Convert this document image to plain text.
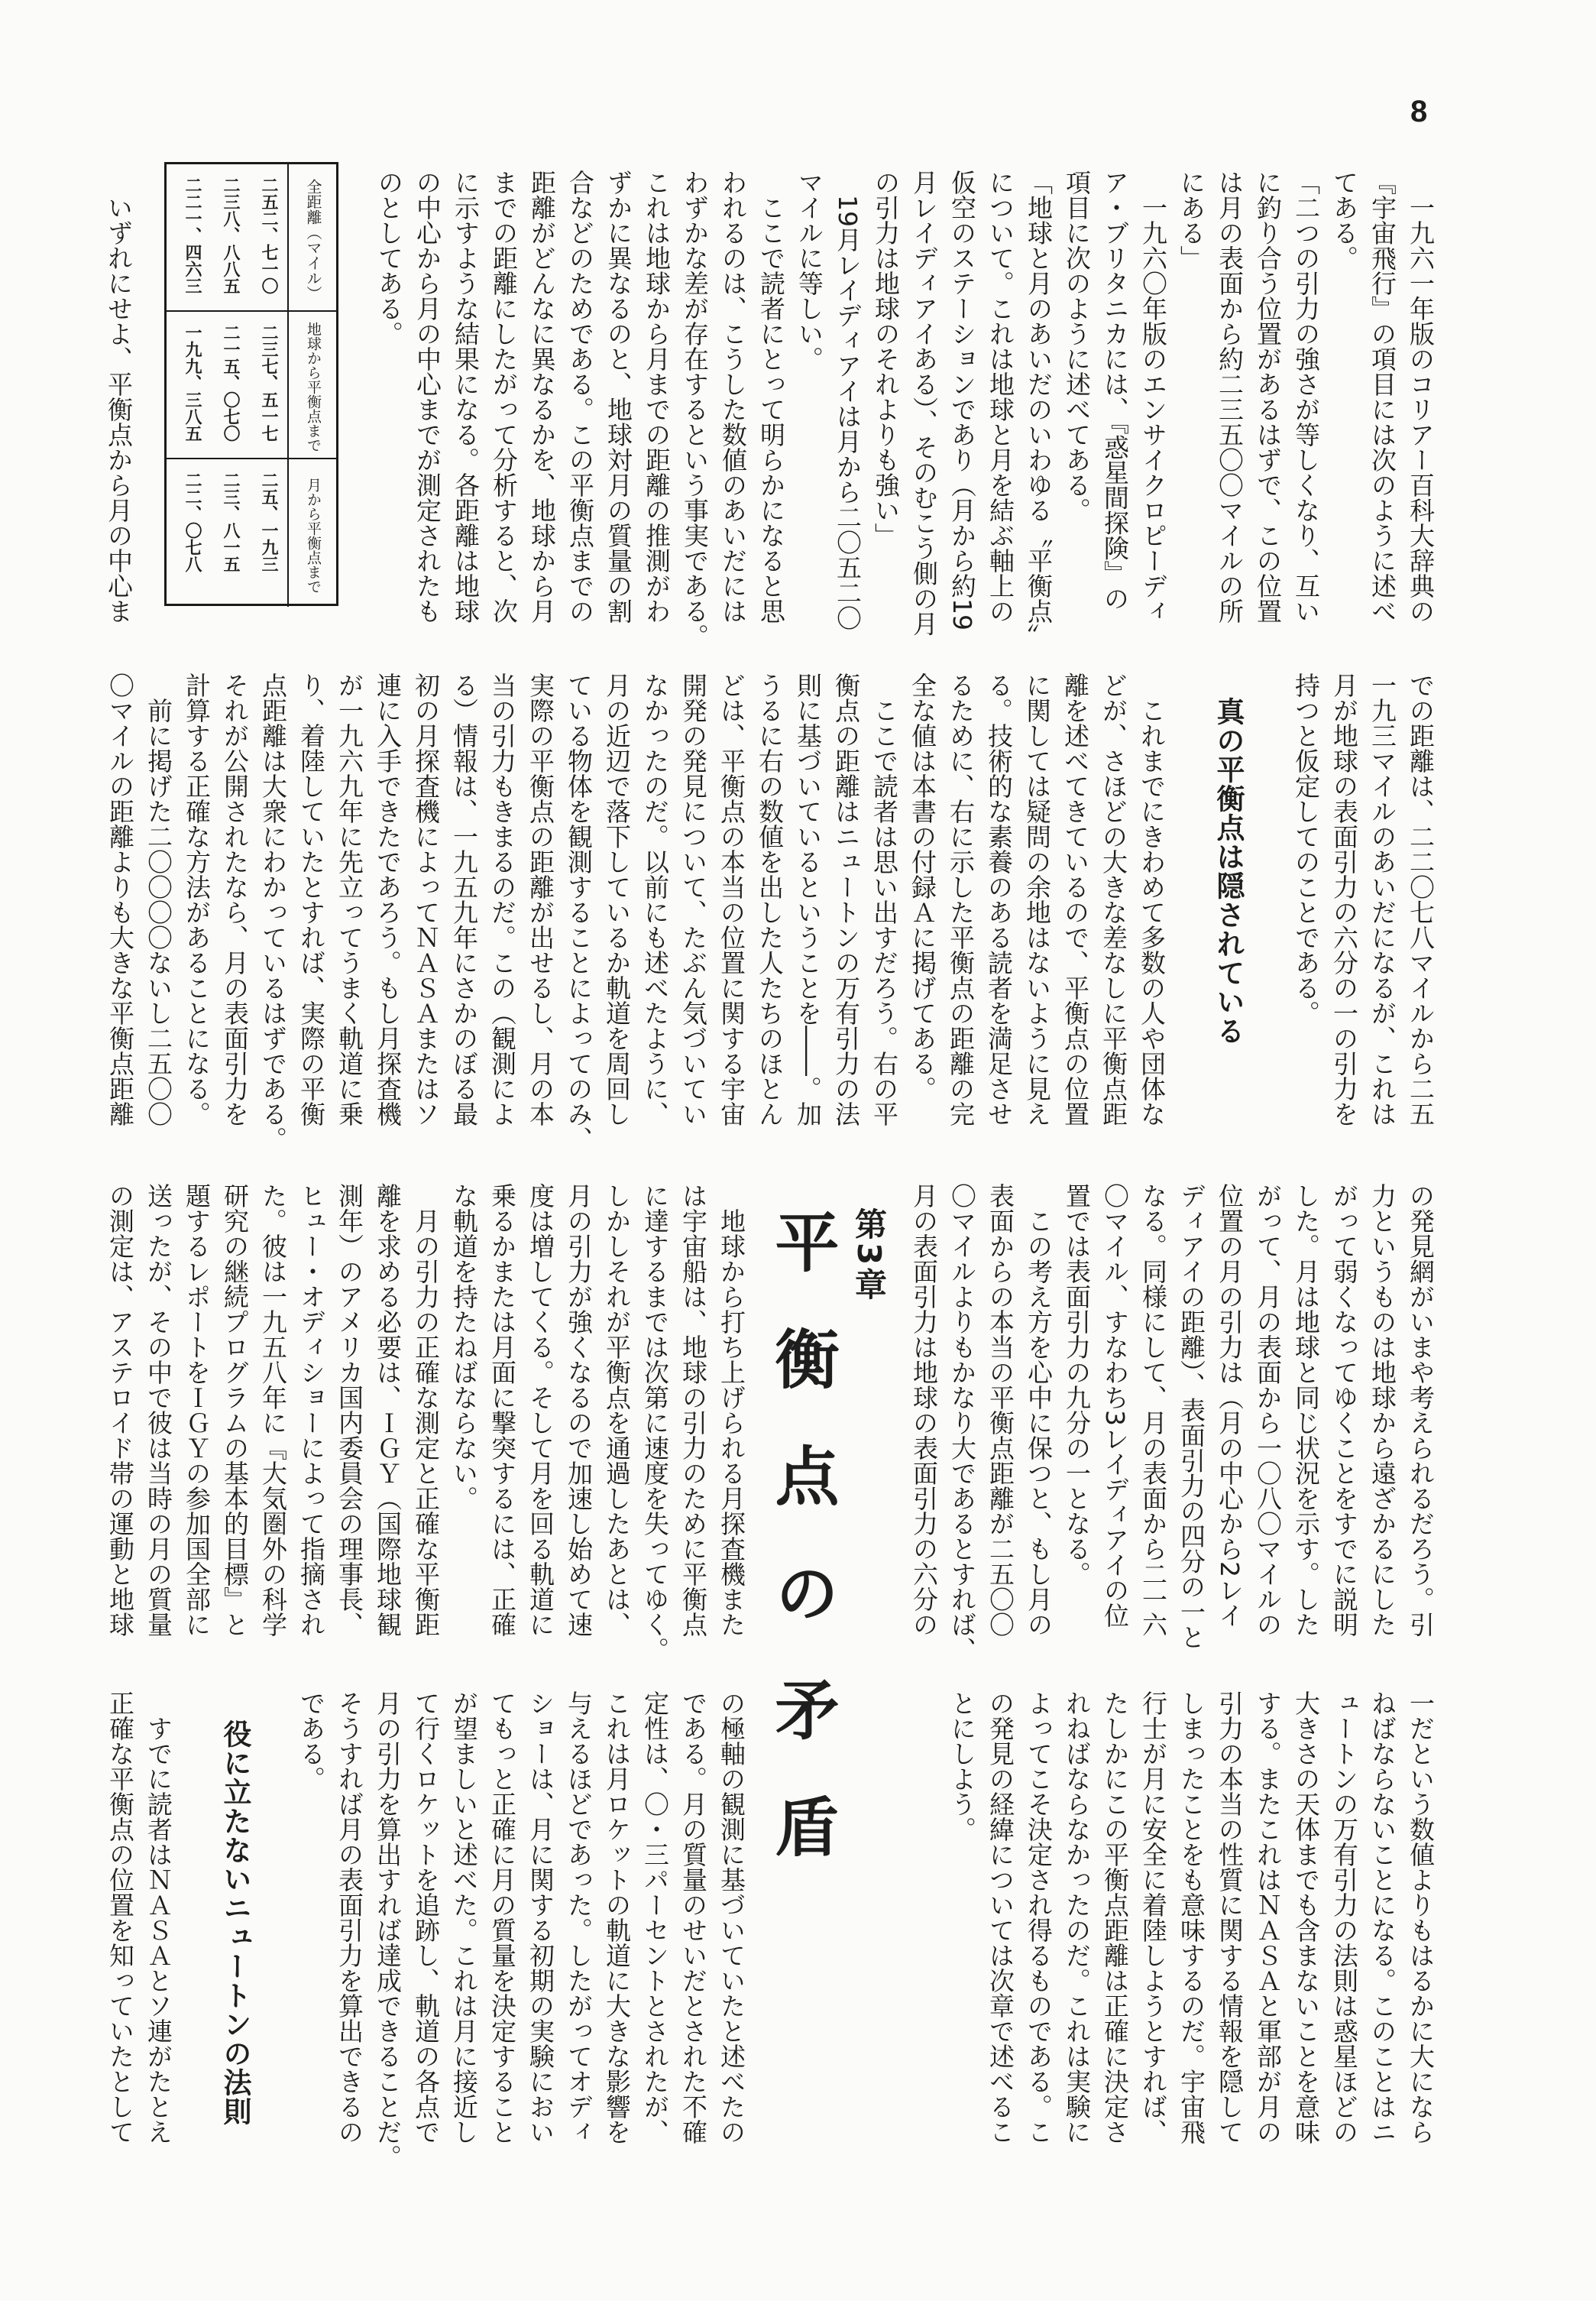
8
　一九六一年版のコリアー百科大辞典の
『宇宙飛行』の項目には次のように述べ
てある。
「二つの引力の強さが等しくなり、互い
に釣り合う位置があるはずで、この位置
は月の表面から約二三五〇〇マイルの所
にある」
　一九六〇年版のエンサイクロピーディ
ア・ブリタニカには、『惑星間探険』の
項目に次のように述べてある。
「地球と月のあいだのいわゆる〝平衡点〟
について。これは地球と月を結ぶ軸上の
仮空のステーションであり（月から約19
月レイディアイある）、そのむこう側の月
の引力は地球のそれよりも強い」
　19月レイディアイは月から二〇五二〇
マイルに等しい。
　ここで読者にとって明らかになると思
われるのは、こうした数値のあいだには
わずかな差が存在するという事実である。
これは地球から月までの距離の推測がわ
ずかに異なるのと、地球対月の質量の割
合などのためである。この平衡点までの
距離がどんなに異なるかを、地球から月
までの距離にしたがって分析すると、次
に示すような結果になる。各距離は地球
の中心から月の中心までが測定されたも
のとしてある。
全距離（マイル）
二五二、七一〇
二三八、八八五
二二一、四六三
地球から平衡点まで
二三七、五一七
二一五、〇七〇
一九九、三八五
月から平衡点まで
二五、一九三
二三、八一五
二二、〇七八
　いずれにせよ、平衡点から月の中心ま
での距離は、二二〇七八マイルから二五
一九三マイルのあいだになるが、これは
月が地球の表面引力の六分の一の引力を
持つと仮定してのことである。
真の平衡点は隠されている
　これまでにきわめて多数の人や団体な
どが、さほどの大きな差なしに平衡点距
離を述べてきているので、平衡点の位置
に関しては疑問の余地はないように見え
る。技術的な素養のある読者を満足させ
るために、右に示した平衡点の距離の完
全な値は本書の付録Ａに掲げてある。
　ここで読者は思い出すだろう。右の平
衡点の距離はニュートンの万有引力の法
則に基づいているということを――。加
うるに右の数値を出した人たちのほとん
どは、平衡点の本当の位置に関する宇宙
開発の発見について、たぶん気づいてい
なかったのだ。以前にも述べたように、
月の近辺で落下しているか軌道を周回し
ている物体を観測することによってのみ、
実際の平衡点の距離が出せるし、月の本
当の引力もきまるのだ。この（観測によ
る）情報は、一九五九年にさかのぼる最
初の月探査機によってＮＡＳＡまたはソ
連に入手できたであろう。もし月探査機
が一九六九年に先立ってうまく軌道に乗
り、着陸していたとすれば、実際の平衡
点距離は大衆にわかっているはずである。
それが公開されたなら、月の表面引力を
計算する正確な方法があることになる。
　前に掲げた二〇〇〇〇ないし二五〇〇
〇マイルの距離よりも大きな平衡点距離
の発見網がいまや考えられるだろう。引
力というものは地球から遠ざかるにした
がって弱くなってゆくことをすでに説明
した。月は地球と同じ状況を示す。した
がって、月の表面から一〇八〇マイルの
位置の月の引力は（月の中心から2レイ
ディアイの距離）、表面引力の四分の一と
なる。同様にして、月の表面から二一六
〇マイル、すなわち3レイディアイの位
置では表面引力の九分の一となる。
　この考え方を心中に保つと、もし月の
表面からの本当の平衡点距離が二五〇〇
〇マイルよりもかなり大であるとすれば、
月の表面引力は地球の表面引力の六分の
第3章
平衡点の矛盾
　地球から打ち上げられる月探査機また
は宇宙船は、地球の引力のために平衡点
に達するまでは次第に速度を失ってゆく。
しかしそれが平衡点を通過したあとは、
月の引力が強くなるので加速し始めて速
度は増してくる。そして月を回る軌道に
乗るかまたは月面に撃突するには、正確
な軌道を持たねばならない。
　月の引力の正確な測定と正確な平衡距
離を求める必要は、ＩＧＹ（国際地球観
測年）のアメリカ国内委員会の理事長、
ヒュー・オディショーによって指摘され
た。彼は一九五八年に『大気圏外の科学
研究の継続プログラムの基本的目標』と
題するレポートをＩＧＹの参加国全部に
送ったが、その中で彼は当時の月の質量
の測定は、アステロイド帯の運動と地球
一だという数値よりもはるかに大になら
ねばならないことになる。このことはニ
ュートンの万有引力の法則は惑星ほどの
大きさの天体までも含まないことを意味
する。またこれはＮＡＳＡと軍部が月の
引力の本当の性質に関する情報を隠して
しまったことをも意味するのだ。宇宙飛
行士が月に安全に着陸しようとすれば、
たしかにこの平衡点距離は正確に決定さ
れねばならなかったのだ。これは実験に
よってこそ決定され得るものである。こ
の発見の経緯については次章で述べるこ
とにしよう。
の極軸の観測に基づいていたと述べたの
である。月の質量のせいだとされた不確
定性は、〇・三パーセントとされたが、
これは月ロケットの軌道に大きな影響を
与えるほどであった。したがってオディ
ショーは、月に関する初期の実験におい
てもっと正確に月の質量を決定すること
が望ましいと述べた。これは月に接近し
て行くロケットを追跡し、軌道の各点で
月の引力を算出すれば達成できることだ。
そうすれば月の表面引力を算出できるの
である。
役に立たないニュートンの法則
　すでに読者はＮＡＳＡとソ連がたとえ
正確な平衡点の位置を知っていたとして
